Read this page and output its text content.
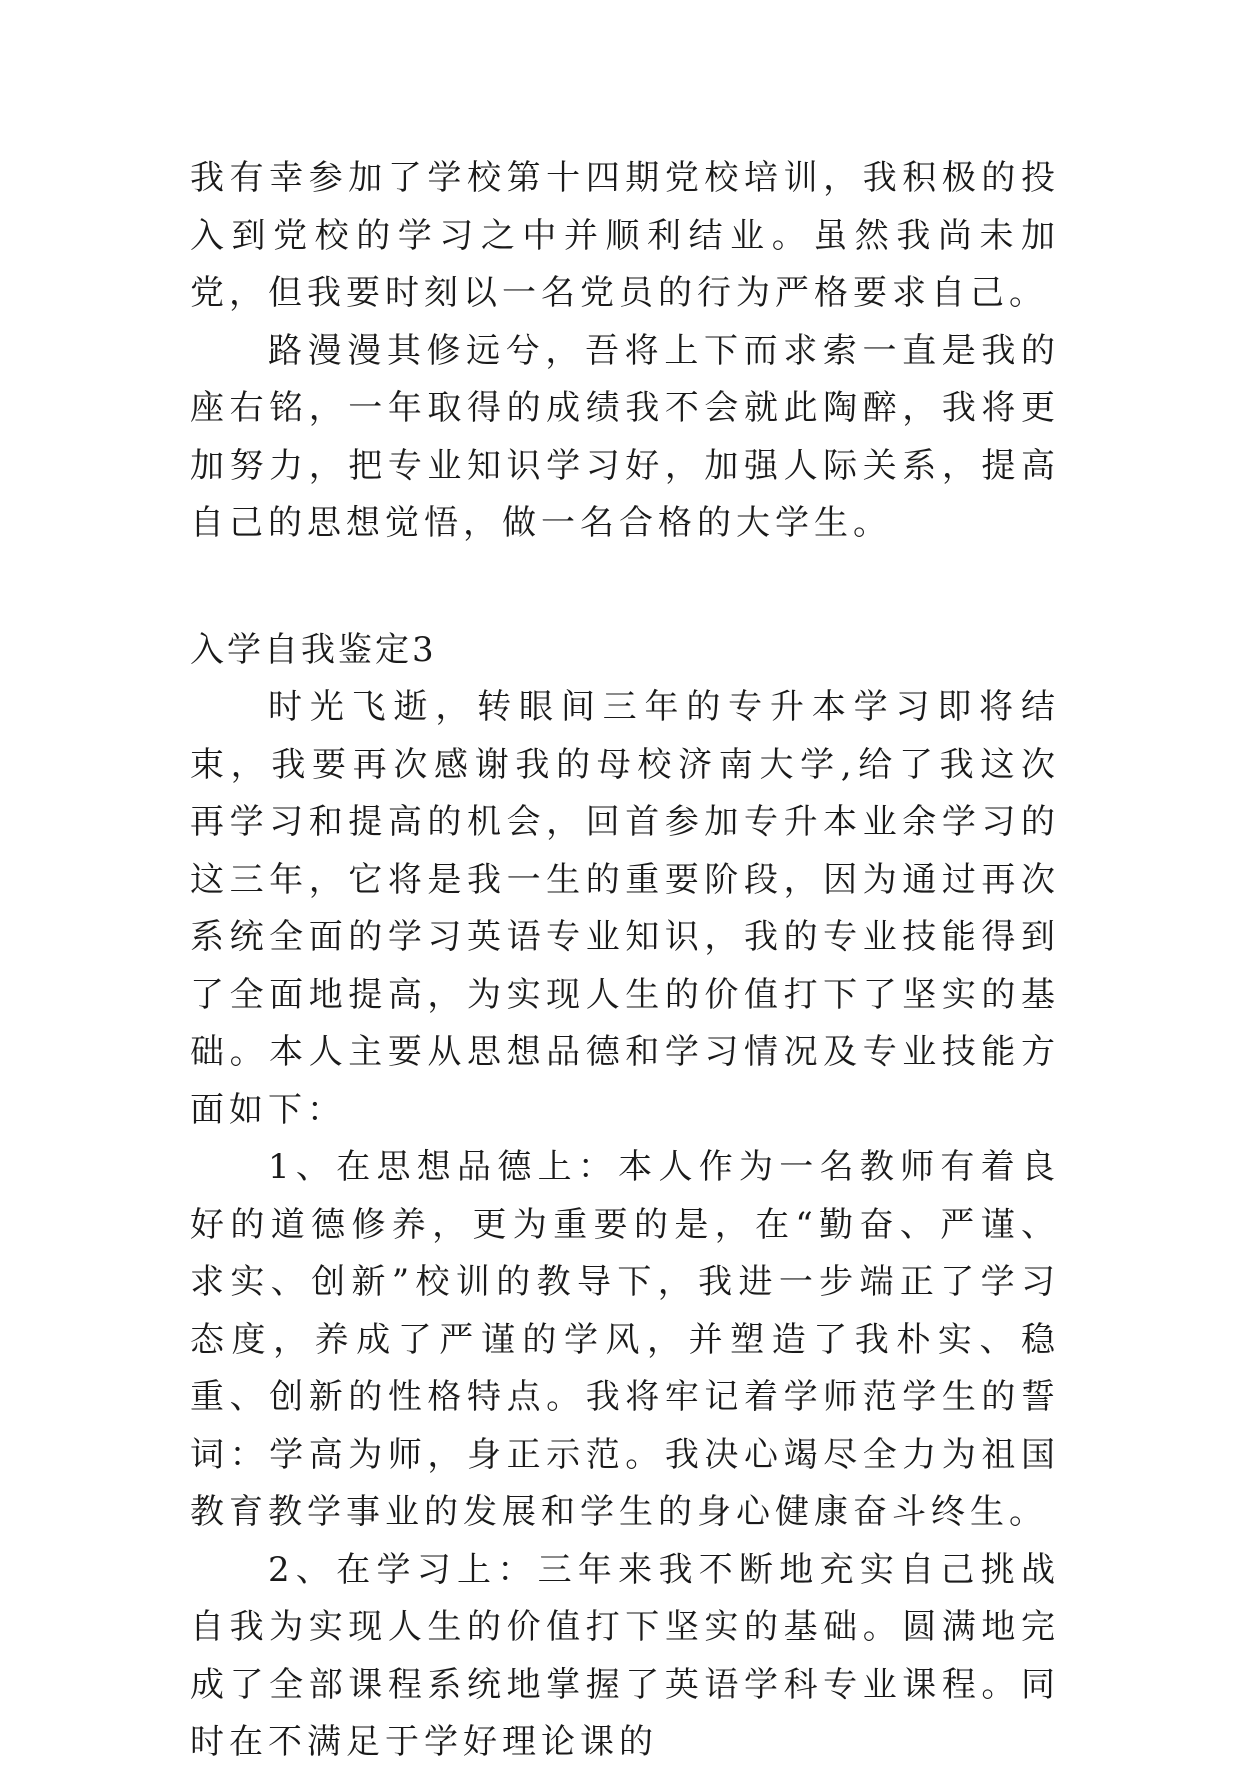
我有幸参加了学校第十四期党校培训，我积极的投入到党校的学习之中并顺利结业。虽然我尚未加党，但我要时刻以一名党员的行为严格要求自己。

路漫漫其修远兮，吾将上下而求索一直是我的座右铭，一年取得的成绩我不会就此陶醉，我将更加努力，把专业知识学习好，加强人际关系，提高自己的思想觉悟，做一名合格的大学生。

入学自我鉴定3

时光飞逝，转眼间三年的专升本学习即将结束，我要再次感谢我的母校济南大学,给了我这次再学习和提高的机会，回首参加专升本业余学习的这三年，它将是我一生的重要阶段，因为通过再次系统全面的学习英语专业知识，我的专业技能得到了全面地提高，为实现人生的价值打下了坚实的基础。本人主要从思想品德和学习情况及专业技能方面如下：

1、在思想品德上：本人作为一名教师有着良好的道德修养，更为重要的是，在“勤奋、严谨、求实、创新”校训的教导下，我进一步端正了学习态度，养成了严谨的学风，并塑造了我朴实、稳重、创新的性格特点。我将牢记着学师范学生的誓词：学高为师，身正示范。我决心竭尽全力为祖国教育教学事业的发展和学生的身心健康奋斗终生。

2、在学习上：三年来我不断地充实自己挑战自我为实现人生的价值打下坚实的基础。圆满地完成了全部课程系统地掌握了英语学科专业课程。同时在不满足于学好理论课的
